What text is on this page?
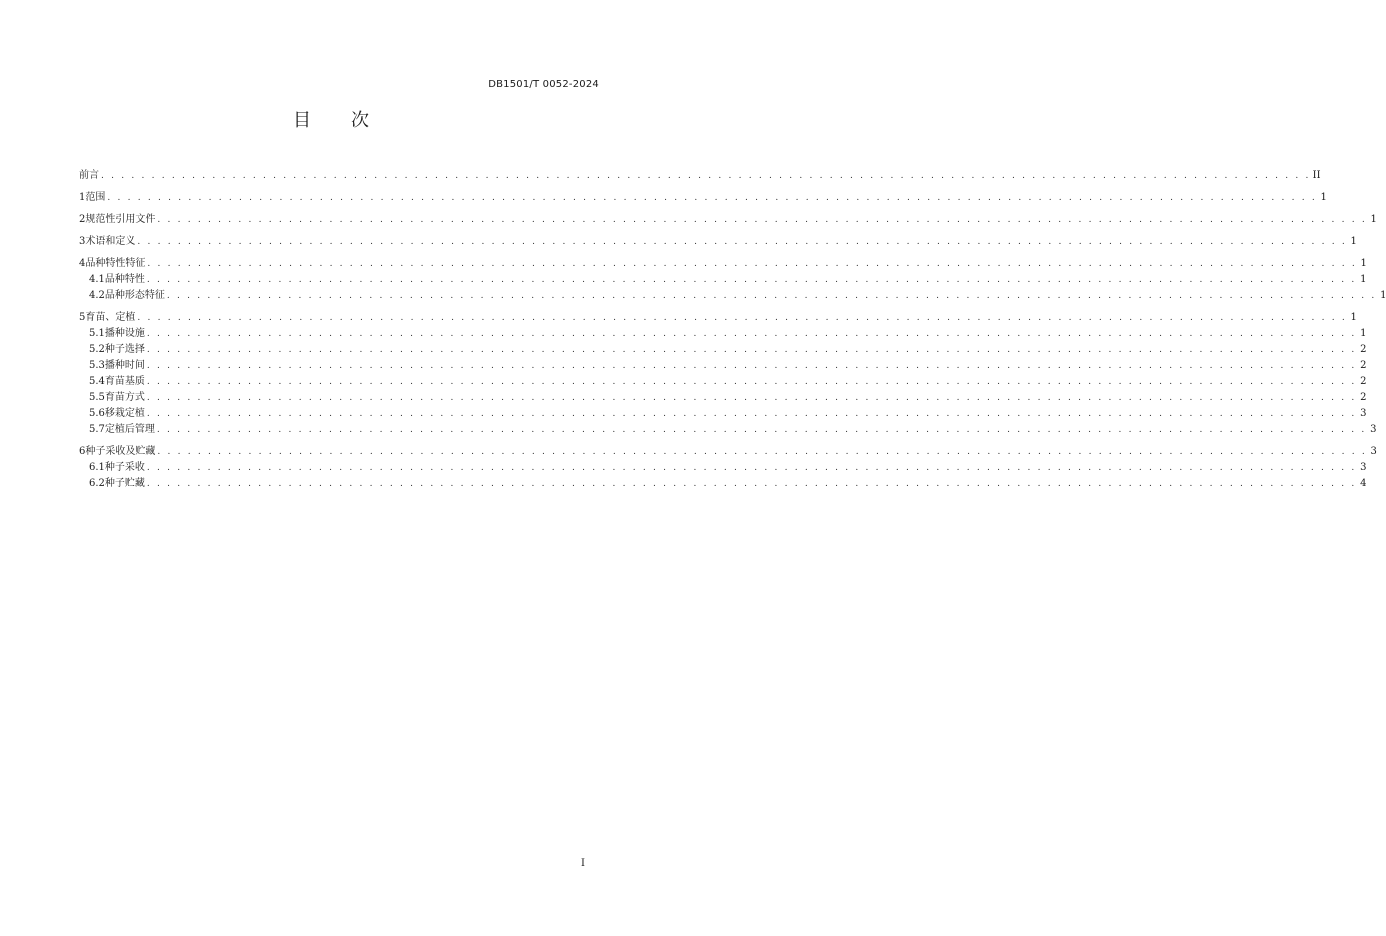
DB1501/T 0052-2024
目 次
前言 . . . . . . . . . . . . . . . . . . . . . . . . . . . . . . . . . . . . . . . . . . . . . . . . . . . . . . . . . . . . . . . . . . . . . . . . . . . . . . . . . . . . . . . . . . . . . . . . . . . . . . . . . . . . . . . . . . . . . . . . II
1 范围 . . . . . . . . . . . . . . . . . . . . . . . . . . . . . . . . . . . . . . . . . . . . . . . . . . . . . . . . . . . . . . . . . . . . . . . . . . . . . . . . . . . . . . . . . . . . . . . . . . . . . . . . . . . . . . . . . . . . . . . . 1
2 规范性引用文件 . . . . . . . . . . . . . . . . . . . . . . . . . . . . . . . . . . . . . . . . . . . . . . . . . . . . . . . . . . . . . . . . . . . . . . . . . . . . . . . . . . . . . . . . . . . . . . . . . . . . . . . . . . . . . . . . . . . . . . . . 1
3 术语和定义 . . . . . . . . . . . . . . . . . . . . . . . . . . . . . . . . . . . . . . . . . . . . . . . . . . . . . . . . . . . . . . . . . . . . . . . . . . . . . . . . . . . . . . . . . . . . . . . . . . . . . . . . . . . . . . . . . . . . . . . . 1
4 品种特性特征 . . . . . . . . . . . . . . . . . . . . . . . . . . . . . . . . . . . . . . . . . . . . . . . . . . . . . . . . . . . . . . . . . . . . . . . . . . . . . . . . . . . . . . . . . . . . . . . . . . . . . . . . . . . . . . . . . . . . . . . . 1
4.1 品种特性 . . . . . . . . . . . . . . . . . . . . . . . . . . . . . . . . . . . . . . . . . . . . . . . . . . . . . . . . . . . . . . . . . . . . . . . . . . . . . . . . . . . . . . . . . . . . . . . . . . . . . . . . . . . . . . . . . . . . . . . . 1
4.2 品种形态特征 . . . . . . . . . . . . . . . . . . . . . . . . . . . . . . . . . . . . . . . . . . . . . . . . . . . . . . . . . . . . . . . . . . . . . . . . . . . . . . . . . . . . . . . . . . . . . . . . . . . . . . . . . . . . . . . . . . . . . . . . 1
5 育苗、定植 . . . . . . . . . . . . . . . . . . . . . . . . . . . . . . . . . . . . . . . . . . . . . . . . . . . . . . . . . . . . . . . . . . . . . . . . . . . . . . . . . . . . . . . . . . . . . . . . . . . . . . . . . . . . . . . . . . . . . . . . 1
5.1 播种设施 . . . . . . . . . . . . . . . . . . . . . . . . . . . . . . . . . . . . . . . . . . . . . . . . . . . . . . . . . . . . . . . . . . . . . . . . . . . . . . . . . . . . . . . . . . . . . . . . . . . . . . . . . . . . . . . . . . . . . . . . 1
5.2 种子选择 . . . . . . . . . . . . . . . . . . . . . . . . . . . . . . . . . . . . . . . . . . . . . . . . . . . . . . . . . . . . . . . . . . . . . . . . . . . . . . . . . . . . . . . . . . . . . . . . . . . . . . . . . . . . . . . . . . . . . . . . 2
5.3 播种时间 . . . . . . . . . . . . . . . . . . . . . . . . . . . . . . . . . . . . . . . . . . . . . . . . . . . . . . . . . . . . . . . . . . . . . . . . . . . . . . . . . . . . . . . . . . . . . . . . . . . . . . . . . . . . . . . . . . . . . . . . 2
5.4 育苗基质 . . . . . . . . . . . . . . . . . . . . . . . . . . . . . . . . . . . . . . . . . . . . . . . . . . . . . . . . . . . . . . . . . . . . . . . . . . . . . . . . . . . . . . . . . . . . . . . . . . . . . . . . . . . . . . . . . . . . . . . . 2
5.5 育苗方式 . . . . . . . . . . . . . . . . . . . . . . . . . . . . . . . . . . . . . . . . . . . . . . . . . . . . . . . . . . . . . . . . . . . . . . . . . . . . . . . . . . . . . . . . . . . . . . . . . . . . . . . . . . . . . . . . . . . . . . . . 2
5.6 移栽定植 . . . . . . . . . . . . . . . . . . . . . . . . . . . . . . . . . . . . . . . . . . . . . . . . . . . . . . . . . . . . . . . . . . . . . . . . . . . . . . . . . . . . . . . . . . . . . . . . . . . . . . . . . . . . . . . . . . . . . . . . 3
5.7 定植后管理 . . . . . . . . . . . . . . . . . . . . . . . . . . . . . . . . . . . . . . . . . . . . . . . . . . . . . . . . . . . . . . . . . . . . . . . . . . . . . . . . . . . . . . . . . . . . . . . . . . . . . . . . . . . . . . . . . . . . . . . . 3
6 种子采收及贮藏 . . . . . . . . . . . . . . . . . . . . . . . . . . . . . . . . . . . . . . . . . . . . . . . . . . . . . . . . . . . . . . . . . . . . . . . . . . . . . . . . . . . . . . . . . . . . . . . . . . . . . . . . . . . . . . . . . . . . . . . . 3
6.1 种子采收 . . . . . . . . . . . . . . . . . . . . . . . . . . . . . . . . . . . . . . . . . . . . . . . . . . . . . . . . . . . . . . . . . . . . . . . . . . . . . . . . . . . . . . . . . . . . . . . . . . . . . . . . . . . . . . . . . . . . . . . . 3
6.2 种子贮藏 . . . . . . . . . . . . . . . . . . . . . . . . . . . . . . . . . . . . . . . . . . . . . . . . . . . . . . . . . . . . . . . . . . . . . . . . . . . . . . . . . . . . . . . . . . . . . . . . . . . . . . . . . . . . . . . . . . . . . . . . 4
I
